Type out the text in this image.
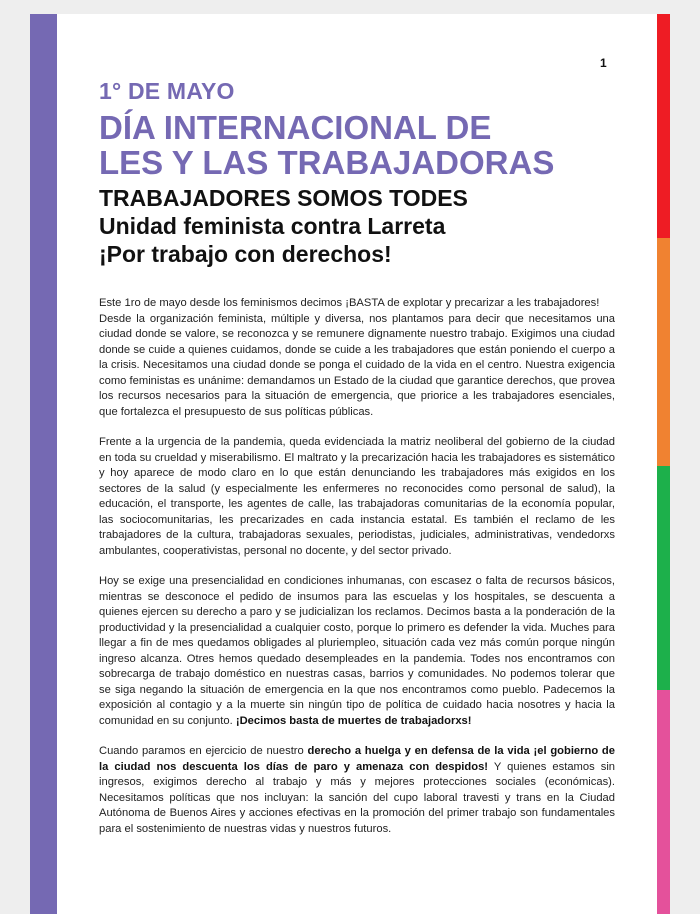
1
1° DE MAYO
DÍA INTERNACIONAL DE
LES Y LAS TRABAJADORAS
TRABAJADORES SOMOS TODES
Unidad feminista contra Larreta
¡Por trabajo con derechos!

Este 1ro de mayo desde los feminismos decimos ¡BASTA de explotar y precarizar a les trabajadores!
Desde la organización feminista, múltiple y diversa, nos plantamos para decir que necesitamos una ciudad donde se valore, se reconozca y se remunere dignamente nuestro trabajo. Exigimos una ciudad donde se cuide a quienes cuidamos, donde se cuide a les trabajadores que están poniendo el cuerpo a la crisis. Necesitamos una ciudad donde se ponga el cuidado de la vida en el centro. Nuestra exigencia como feministas es unánime: demandamos un Estado de la ciudad que garantice derechos, que provea los recursos necesarios para la situación de emergencia, que priorice a les trabajadores esenciales, que fortalezca el presupuesto de sus políticas públicas.

Frente a la urgencia de la pandemia, queda evidenciada la matriz neoliberal del gobierno de la ciudad en toda su crueldad y miserabilismo. El maltrato y la precarización hacia les trabajadores es sistemático y hoy aparece de modo claro en lo que están denunciando les trabajadores más exigidos en los sectores de la salud (y especialmente les enfermeres no reconocides como personal de salud), la educación, el transporte, les agentes de calle, las trabajadoras comunitarias de la economía popular, las sociocomunitarias, les precarizades en cada instancia estatal. Es también el reclamo de les trabajadores de la cultura, trabajadoras sexuales, periodistas, judiciales, administrativas, vendedorxs ambulantes, cooperativistas, personal no docente, y del sector privado.

Hoy se exige una presencialidad en condiciones inhumanas, con escasez o falta de recursos básicos, mientras se desconoce el pedido de insumos para las escuelas y los hospitales, se descuenta a quienes ejercen su derecho a paro y se judicializan los reclamos. Decimos basta a la ponderación de la productividad y la presencialidad a cualquier costo, porque lo primero es defender la vida. Muches para llegar a fin de mes quedamos obligades al pluriempleo, situación cada vez más común porque ningún ingreso alcanza. Otres hemos quedado desempleades en la pandemia. Todes nos encontramos con sobrecarga de trabajo doméstico en nuestras casas, barrios y comunidades. No podemos tolerar que se siga negando la situación de emergencia en la que nos encontramos como pueblo. Padecemos la exposición al contagio y a la muerte sin ningún tipo de política de cuidado hacia nosotres y hacia la comunidad en su conjunto. ¡Decimos basta de muertes de trabajadorxs!

Cuando paramos en ejercicio de nuestro derecho a huelga y en defensa de la vida ¡el gobierno de la ciudad nos descuenta los días de paro y amenaza con despidos! Y quienes estamos sin ingresos, exigimos derecho al trabajo y más y mejores protecciones sociales (económicas). Necesitamos políticas que nos incluyan: la sanción del cupo laboral travesti y trans en la Ciudad Autónoma de Buenos Aires y acciones efectivas en la promoción del primer trabajo son fundamentales para el sostenimiento de nuestras vidas y nuestros futuros.
